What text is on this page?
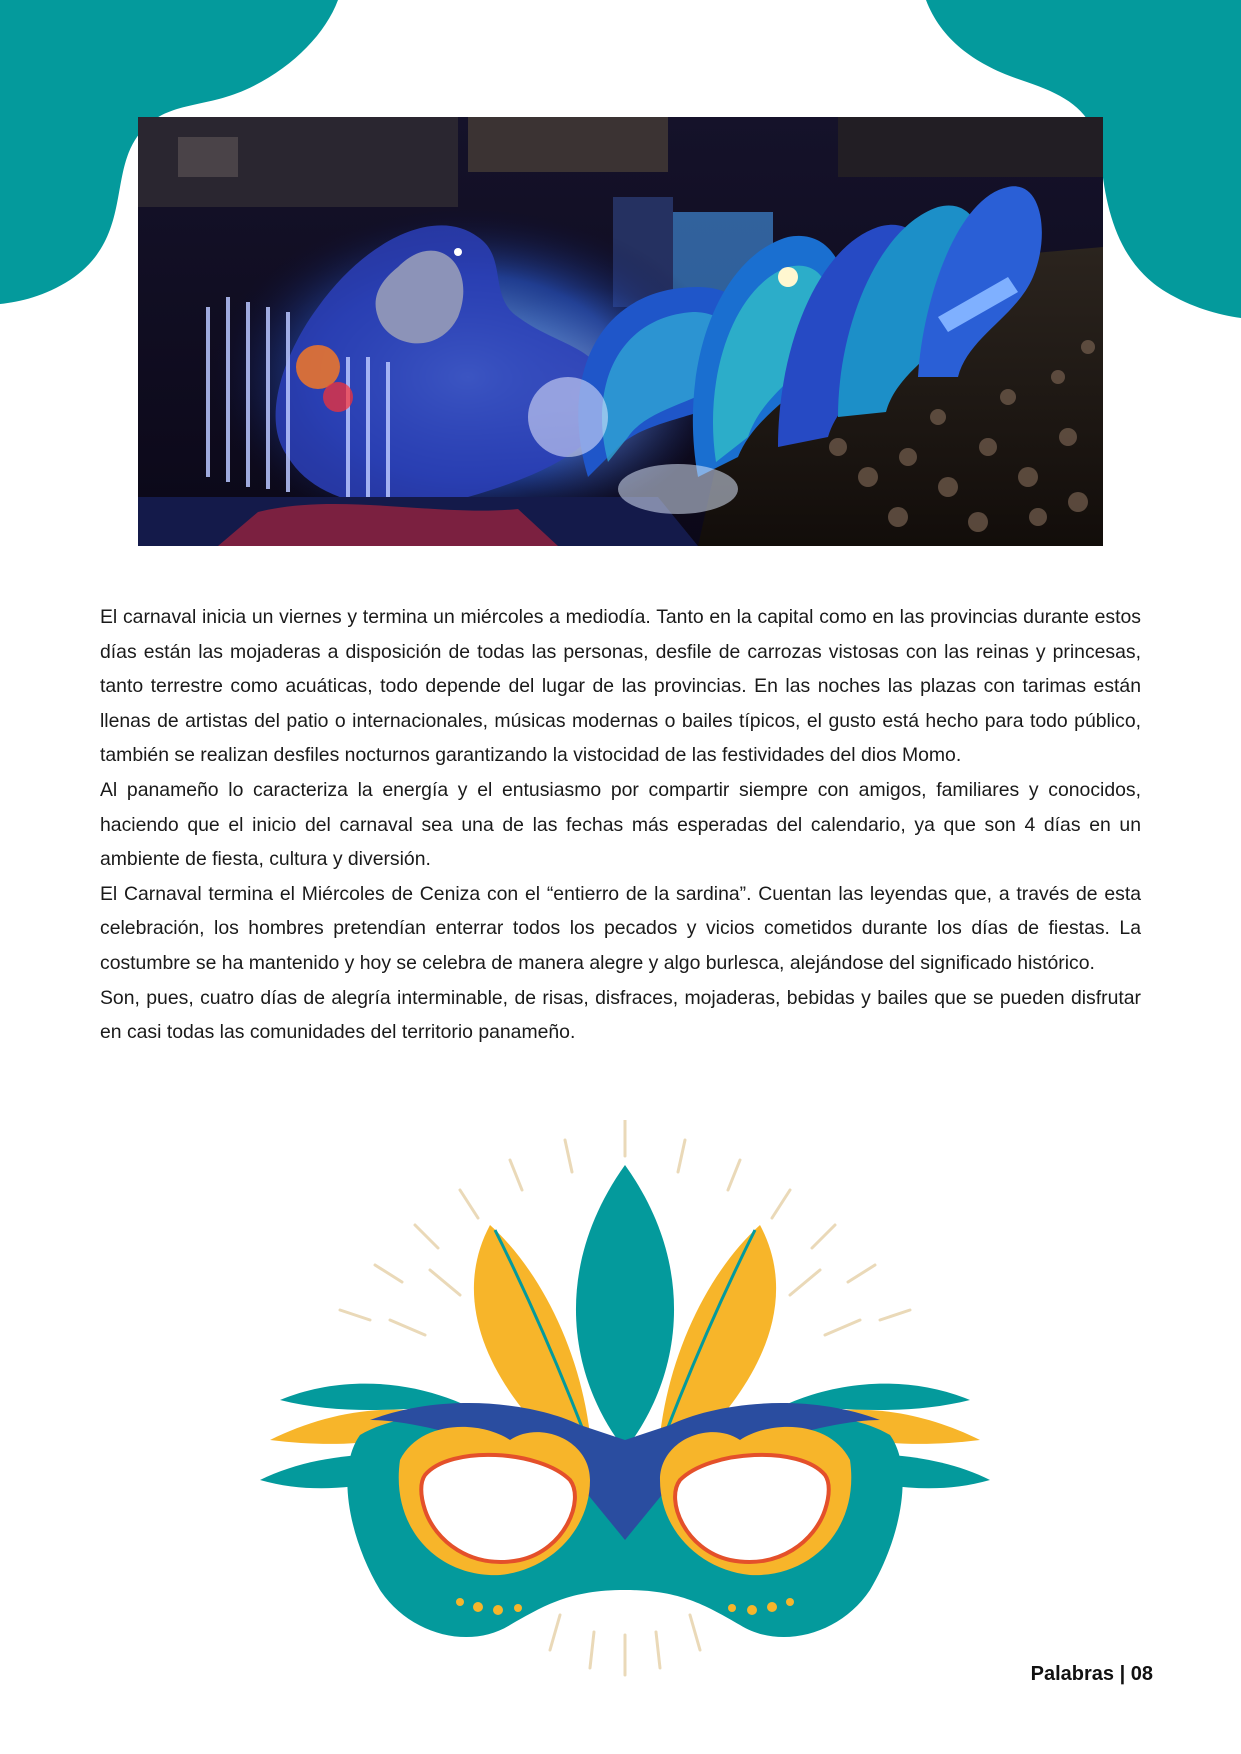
El carnaval inicia un viernes y termina un miércoles a mediodía. Tanto en la capital como en las provincias durante estos días están las mojaderas a disposición de todas las personas, desfile de carrozas vistosas con las reinas y princesas, tanto terrestre como acuáticas, todo depende del lugar de las provincias. En las noches las plazas con tarimas están llenas de artistas del patio o internacionales, músicas modernas o bailes típicos, el gusto está hecho para todo público, también se realizan desfiles nocturnos garantizando la vistocidad de las festividades del dios Momo.

Al panameño lo caracteriza la energía y el entusiasmo por compartir siempre con amigos, familiares y conocidos, haciendo que el inicio del carnaval sea una de las fechas más esperadas del calendario, ya que son 4 días en un ambiente de fiesta, cultura y diversión.

El Carnaval termina el Miércoles de Ceniza con el “entierro de la sardina”. Cuentan las leyendas que, a través de esta celebración, los hombres pretendían enterrar todos los pecados y vicios cometidos durante los días de fiestas. La costumbre se ha mantenido y hoy se celebra de manera alegre y algo burlesca, alejándose del significado histórico.

Son, pues, cuatro días de alegría interminable, de risas, disfraces, mojaderas, bebidas y bailes que se pueden disfrutar en casi todas las comunidades del territorio panameño.

Palabras | 08
